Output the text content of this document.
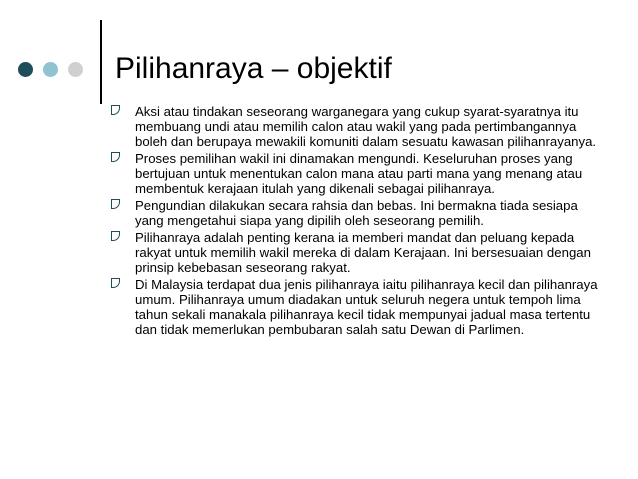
Pilihanraya – objektif
Aksi atau tindakan seseorang warganegara yang cukup syarat-syaratnya itu membuang undi atau memilih calon atau wakil yang pada pertimbangannya boleh dan berupaya mewakili komuniti dalam sesuatu kawasan pilihanrayanya.
Proses pemilihan wakil ini dinamakan mengundi. Keseluruhan proses yang bertujuan untuk menentukan calon mana atau parti mana yang menang atau membentuk kerajaan itulah yang dikenali sebagai pilihanraya.
Pengundian dilakukan secara rahsia dan bebas. Ini bermakna tiada sesiapa yang mengetahui siapa yang dipilih oleh seseorang pemilih.
Pilihanraya adalah penting kerana ia memberi mandat dan peluang kepada rakyat untuk memilih wakil mereka di dalam Kerajaan. Ini bersesuaian dengan prinsip kebebasan seseorang rakyat.
Di Malaysia terdapat dua jenis pilihanraya iaitu pilihanraya kecil dan pilihanraya umum. Pilihanraya umum diadakan untuk seluruh negera untuk tempoh lima tahun sekali manakala pilihanraya kecil tidak mempunyai jadual masa tertentu dan tidak memerlukan pembubaran salah satu Dewan di Parlimen.
